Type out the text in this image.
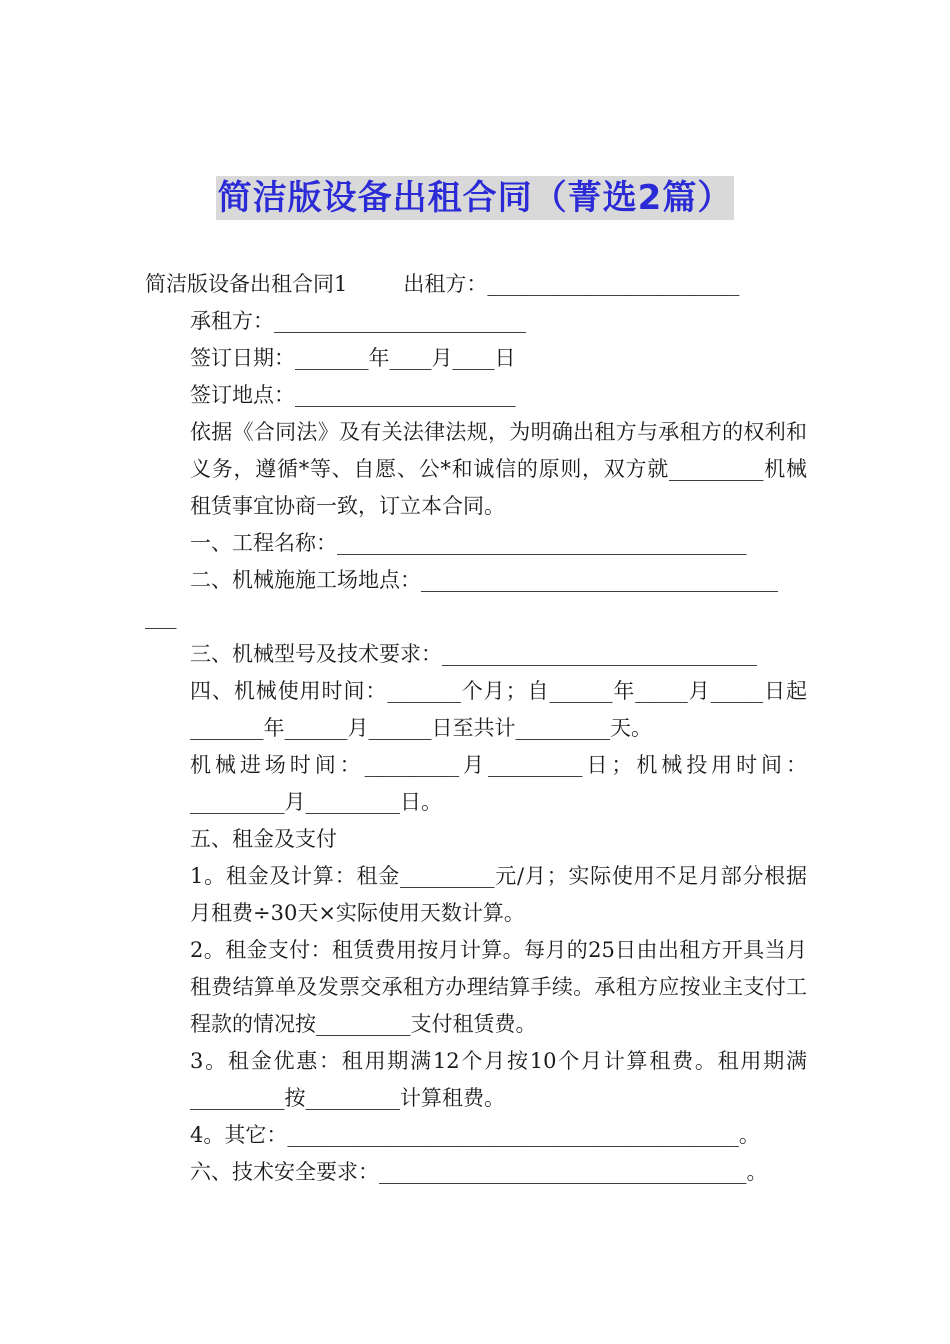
简洁版设备出租合同（菁选2篇）

简洁版设备出租合同1	出租方：________________________

承租方：________________________

签订日期：_______年____月____日

签订地点：_____________________

依据《合同法》及有关法律法规，为明确出租方与承租方的权利和义务，遵循*等、自愿、公*和诚信的原则，双方就_________机械租赁事宜协商一致，订立本合同。

一、工程名称：_______________________________________

二、机械施施工场地点：__________________________________

___

三、机械型号及技术要求：______________________________

四、机械使用时间：_______个月；自______年_____月_____日起_______年______月______日至共计_________天。

机械进场时间：_________月_________日；机械投用时间：_________月_________日。

五、租金及支付

1。租金及计算：租金_________元/月；实际使用不足月部分根据月租费÷30天×实际使用天数计算。

2。租金支付：租赁费用按月计算。每月的25日由出租方开具当月租费结算单及发票交承租方办理结算手续。承租方应按业主支付工程款的情况按_________支付租赁费。

3。租金优惠：租用期满12个月按10个月计算租费。租用期满_________按_________计算租费。

4。其它：___________________________________________。

六、技术安全要求：___________________________________。
